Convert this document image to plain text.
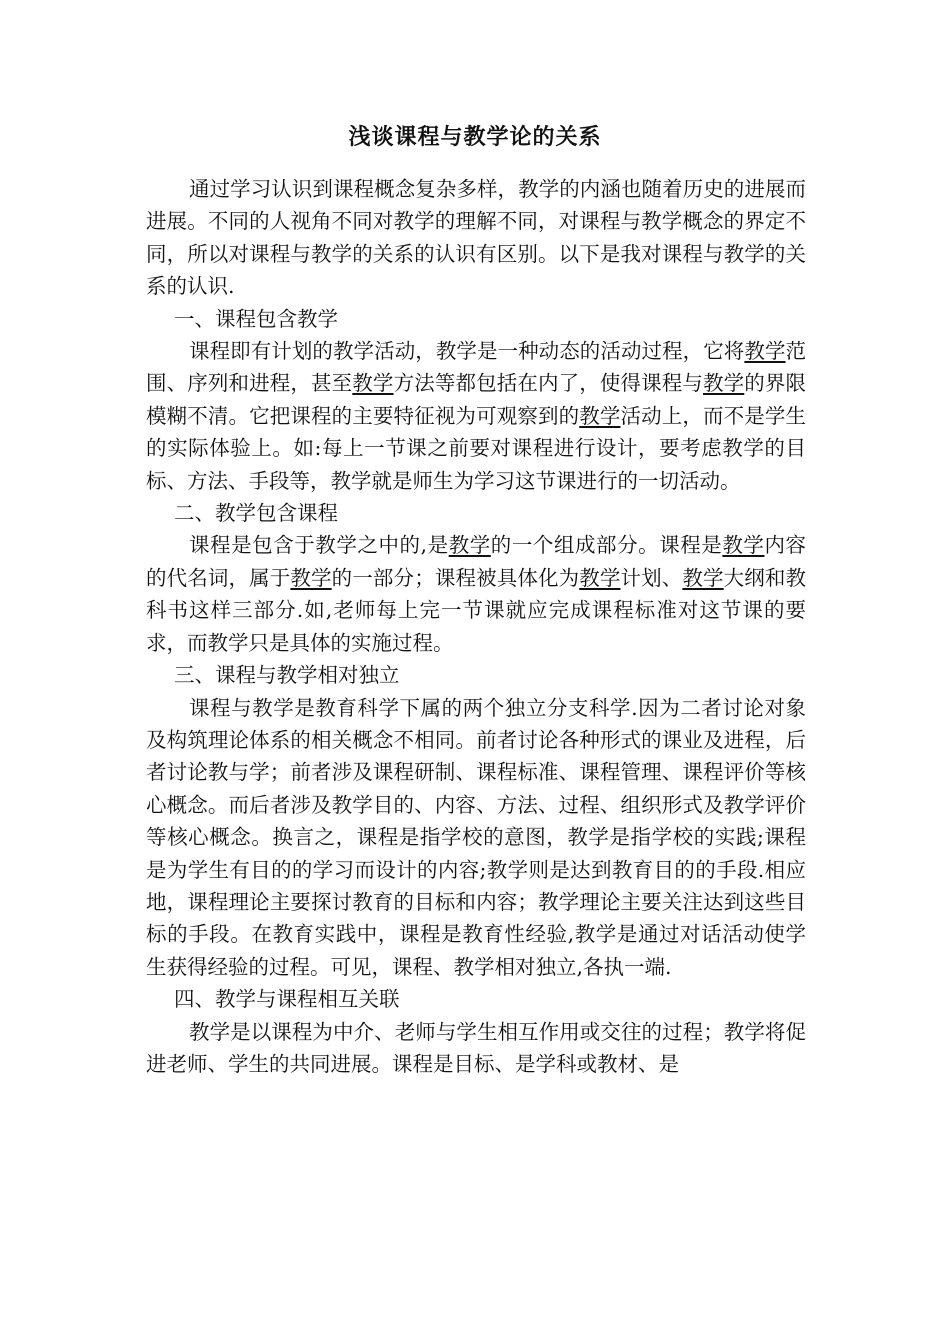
浅谈课程与教学论的关系

通过学习认识到课程概念复杂多样，教学的内涵也随着历史的进展而进展。不同的人视角不同对教学的理解不同，对课程与教学概念的界定不同，所以对课程与教学的关系的认识有区别。以下是我对课程与教学的关系的认识.

一、课程包含教学

课程即有计划的教学活动，教学是一种动态的活动过程，它将教学范围、序列和进程，甚至教学方法等都包括在内了，使得课程与教学的界限模糊不清。它把课程的主要特征视为可观察到的教学活动上，而不是学生的实际体验上。如:每上一节课之前要对课程进行设计，要考虑教学的目标、方法、手段等，教学就是师生为学习这节课进行的一切活动。

二、教学包含课程

课程是包含于教学之中的,是教学的一个组成部分。课程是教学内容的代名词，属于教学的一部分；课程被具体化为教学计划、教学大纲和教科书这样三部分.如,老师每上完一节课就应完成课程标准对这节课的要求，而教学只是具体的实施过程。

三、课程与教学相对独立

课程与教学是教育科学下属的两个独立分支科学.因为二者讨论对象及构筑理论体系的相关概念不相同。前者讨论各种形式的课业及进程，后者讨论教与学；前者涉及课程研制、课程标准、课程管理、课程评价等核心概念。而后者涉及教学目的、内容、方法、过程、组织形式及教学评价等核心概念。换言之，课程是指学校的意图，教学是指学校的实践;课程是为学生有目的的学习而设计的内容;教学则是达到教育目的的手段.相应地，课程理论主要探讨教育的目标和内容；教学理论主要关注达到这些目标的手段。在教育实践中，课程是教育性经验,教学是通过对话活动使学生获得经验的过程。可见，课程、教学相对独立,各执一端.

四、教学与课程相互关联

教学是以课程为中介、老师与学生相互作用或交往的过程；教学将促进老师、学生的共同进展。课程是目标、是学科或教材、是
